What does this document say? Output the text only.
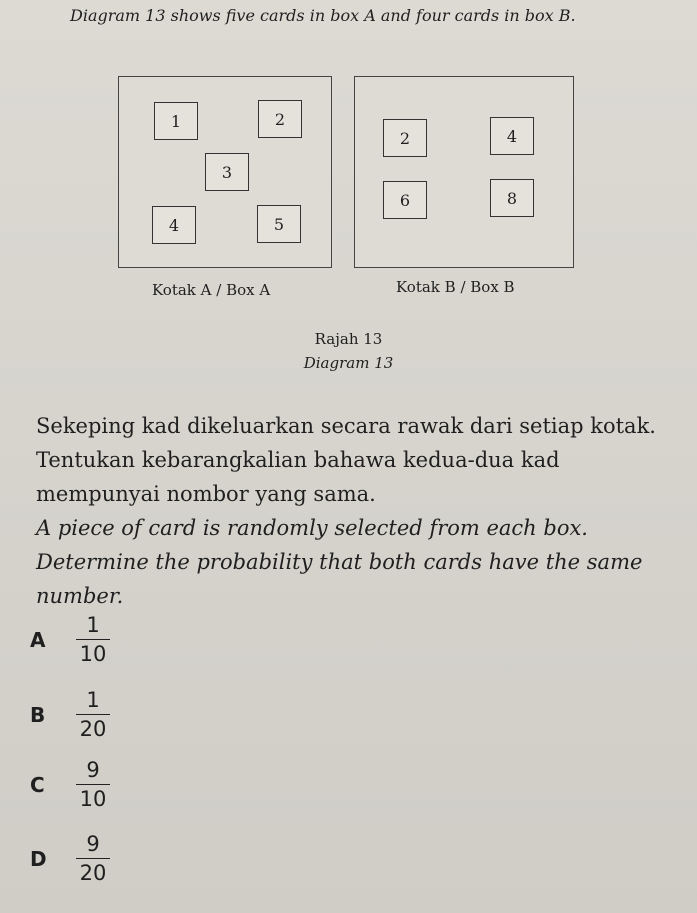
Diagram 13 shows five cards in box A and four cards in box B.
1	2
3
4	5
Kotak A / Box A
2	4
6	8
Kotak B / Box B
Rajah 13
Diagram 13
Sekeping kad dikeluarkan secara rawak dari setiap kotak. Tentukan kebarangkalian bahawa kedua-dua kad mempunyai nombor yang sama.
A piece of card is randomly selected from each box. Determine the probability that both cards have the same number.
A	$\frac{1}{10}$
B	$\frac{1}{20}$
C	$\frac{9}{10}$
D	$\frac{9}{20}$
